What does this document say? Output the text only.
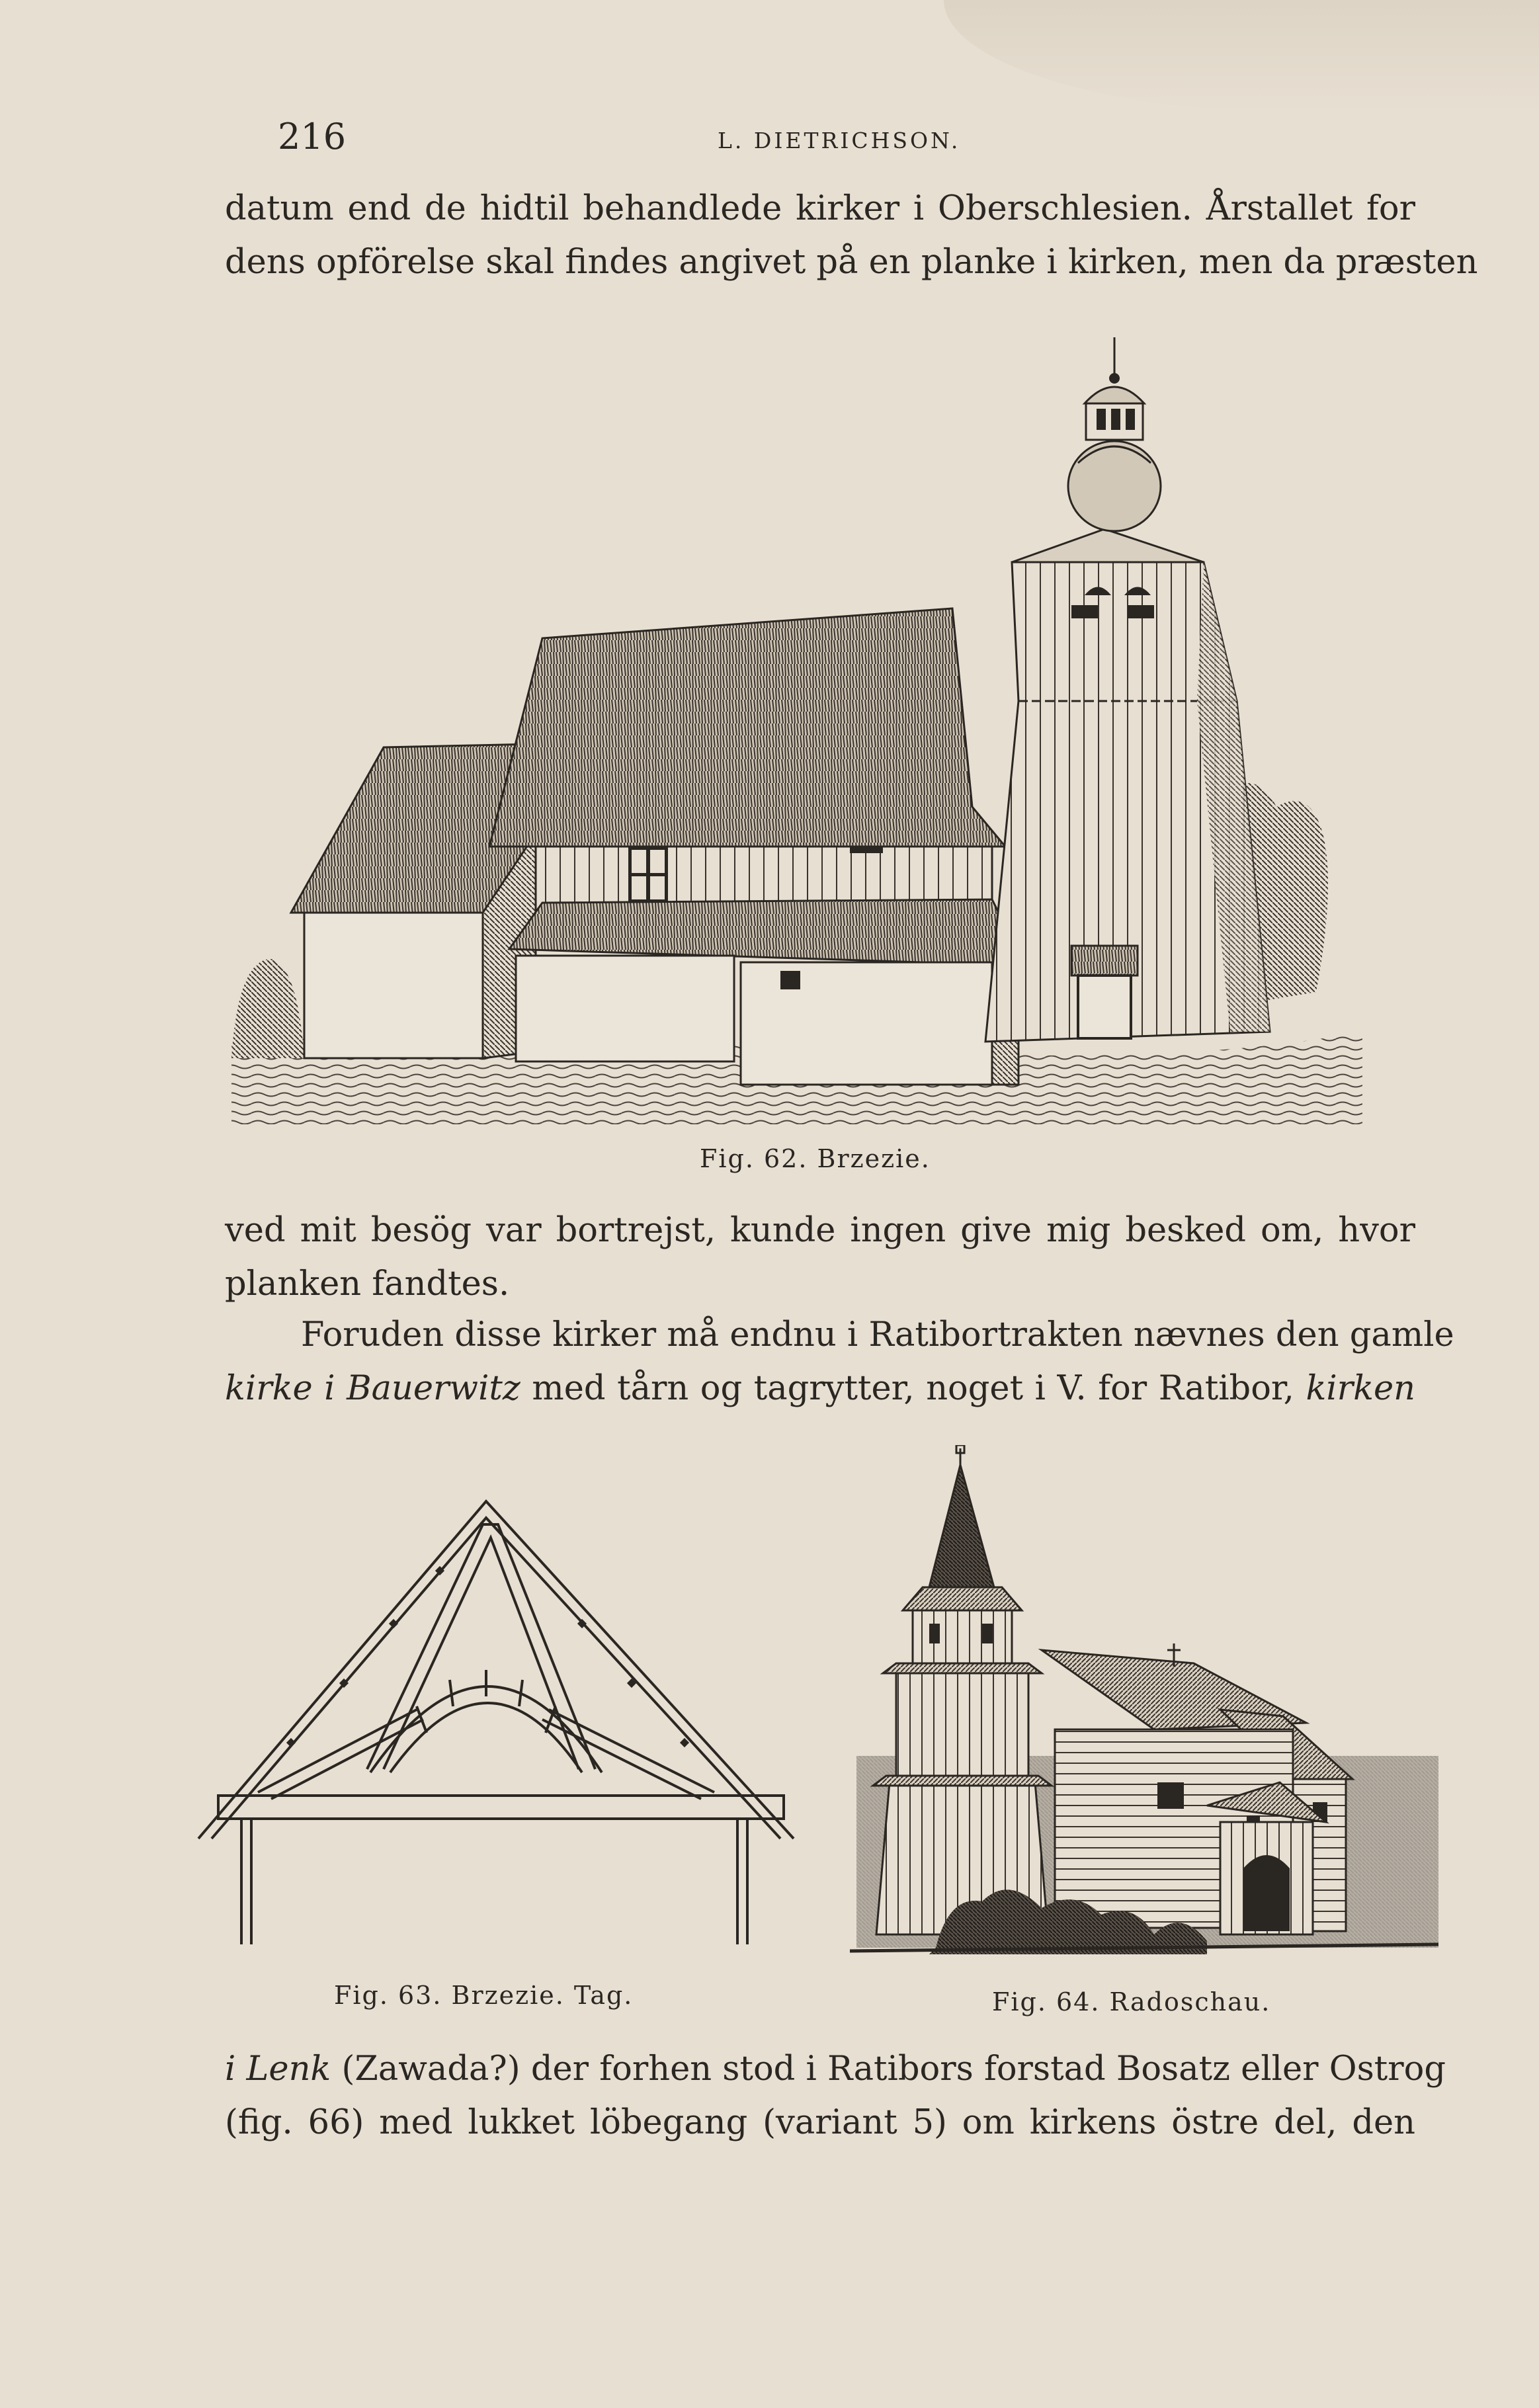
216	L. DIETRICHSON.
datum end de hidtil behandlede kirker i Oberschlesien. Årstallet for
dens opförelse skal findes angivet på en planke i kirken, men da præsten
Fig. 62. Brzezie.
ved mit besög var bortrejst, kunde ingen give mig besked om, hvor
planken fandtes.
Foruden disse kirker må endnu i Ratibortrakten nævnes den gamle
kirke i Bauerwitz med tårn og tagrytter, noget i V. for Ratibor, kirken
Fig. 63. Brzezie. Tag.	Fig. 64. Radoschau.
i Lenk (Zawada?) der forhen stod i Ratibors forstad Bosatz eller Ostrog
(fig. 66) med lukket löbegang (variant 5) om kirkens östre del, den
